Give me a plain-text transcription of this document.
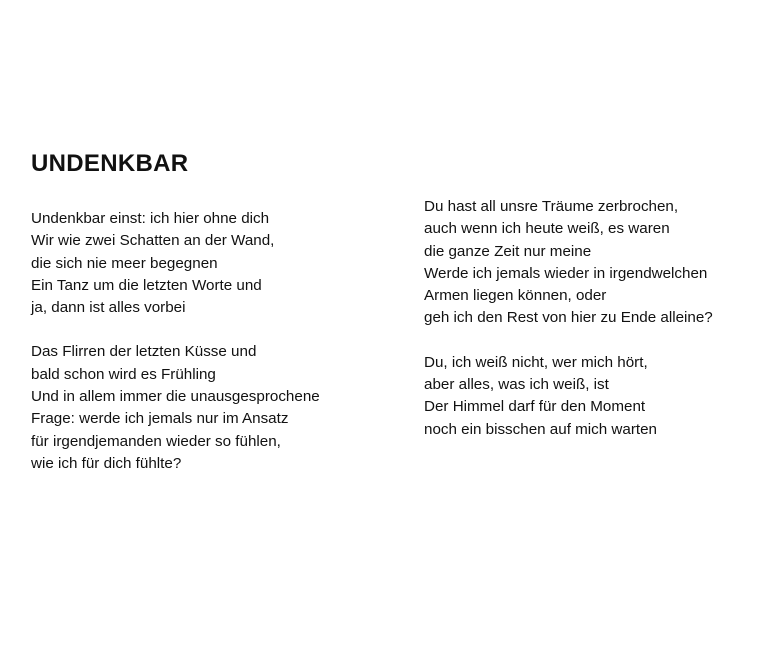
UNDENKBAR

Undenkbar einst: ich hier ohne dich
Wir wie zwei Schatten an der Wand,
die sich nie meer begegnen
Ein Tanz um die letzten Worte und
ja, dann ist alles vorbei

Das Flirren der letzten Küsse und
bald schon wird es Frühling
Und in allem immer die unausgesprochene
Frage: werde ich jemals nur im Ansatz
für irgendjemanden wieder so fühlen,
wie ich für dich fühlte?

Du hast all unsre Träume zerbrochen,
auch wenn ich heute weiß, es waren
die ganze Zeit nur meine
Werde ich jemals wieder in irgendwelchen
Armen liegen können, oder
geh ich den Rest von hier zu Ende alleine?

Du, ich weiß nicht, wer mich hört,
aber alles, was ich weiß, ist
Der Himmel darf für den Moment
noch ein bisschen auf mich warten
